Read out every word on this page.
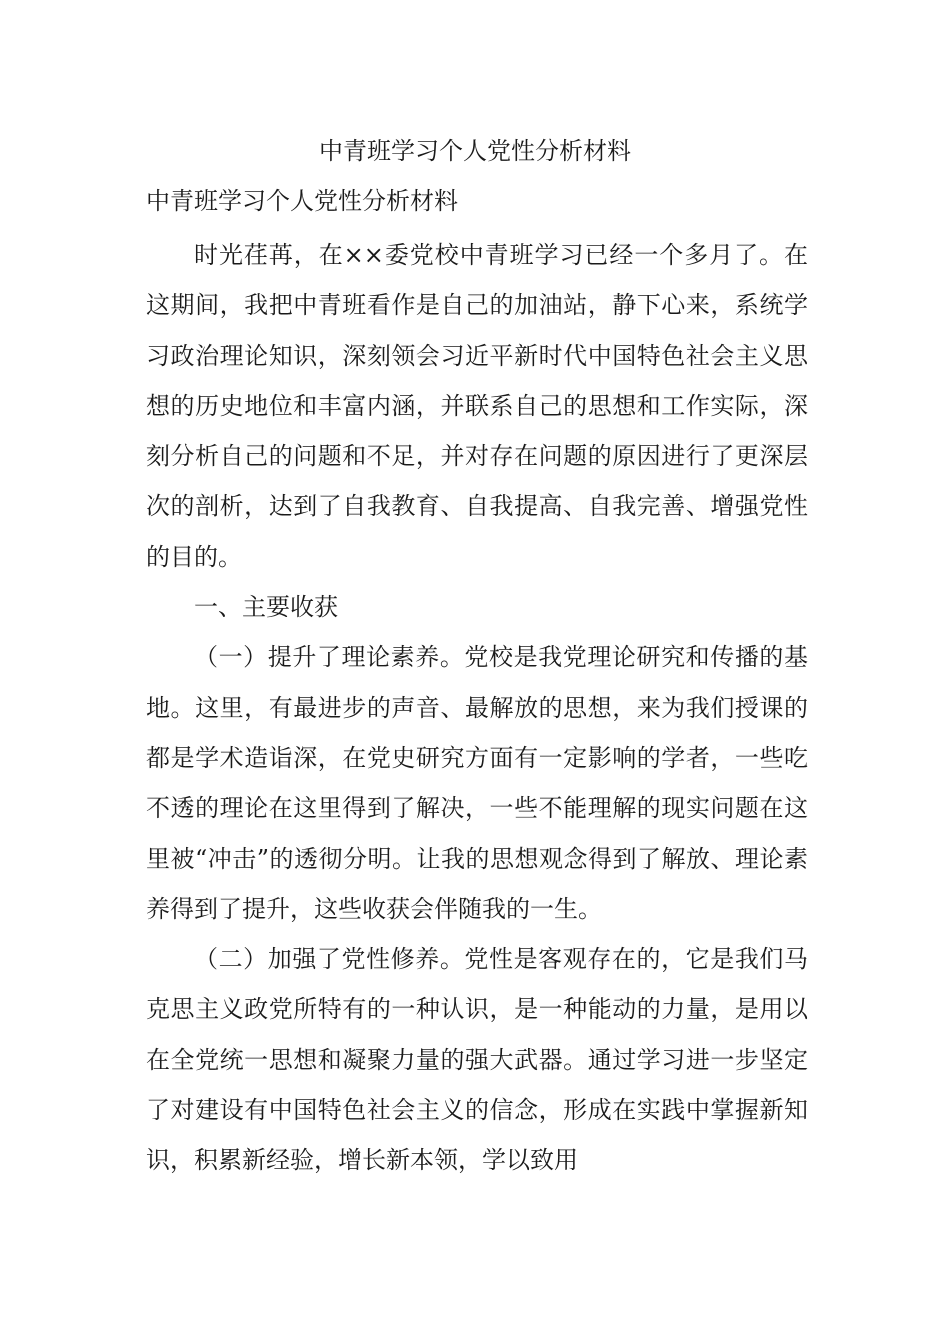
中青班学习个人党性分析材料
中青班学习个人党性分析材料

时光荏苒，在××委党校中青班学习已经一个多月了。在这期间，我把中青班看作是自己的加油站，静下心来，系统学习政治理论知识，深刻领会习近平新时代中国特色社会主义思想的历史地位和丰富内涵，并联系自己的思想和工作实际，深刻分析自己的问题和不足，并对存在问题的原因进行了更深层次的剖析，达到了自我教育、自我提高、自我完善、增强党性的目的。

一、主要收获

（一）提升了理论素养。党校是我党理论研究和传播的基地。这里，有最进步的声音、最解放的思想，来为我们授课的都是学术造诣深，在党史研究方面有一定影响的学者，一些吃不透的理论在这里得到了解决，一些不能理解的现实问题在这里被“冲击”的透彻分明。让我的思想观念得到了解放、理论素养得到了提升，这些收获会伴随我的一生。

（二）加强了党性修养。党性是客观存在的，它是我们马克思主义政党所特有的一种认识，是一种能动的力量，是用以在全党统一思想和凝聚力量的强大武器。通过学习进一步坚定了对建设有中国特色社会主义的信念，形成在实践中掌握新知识，积累新经验，增长新本领，学以致用
